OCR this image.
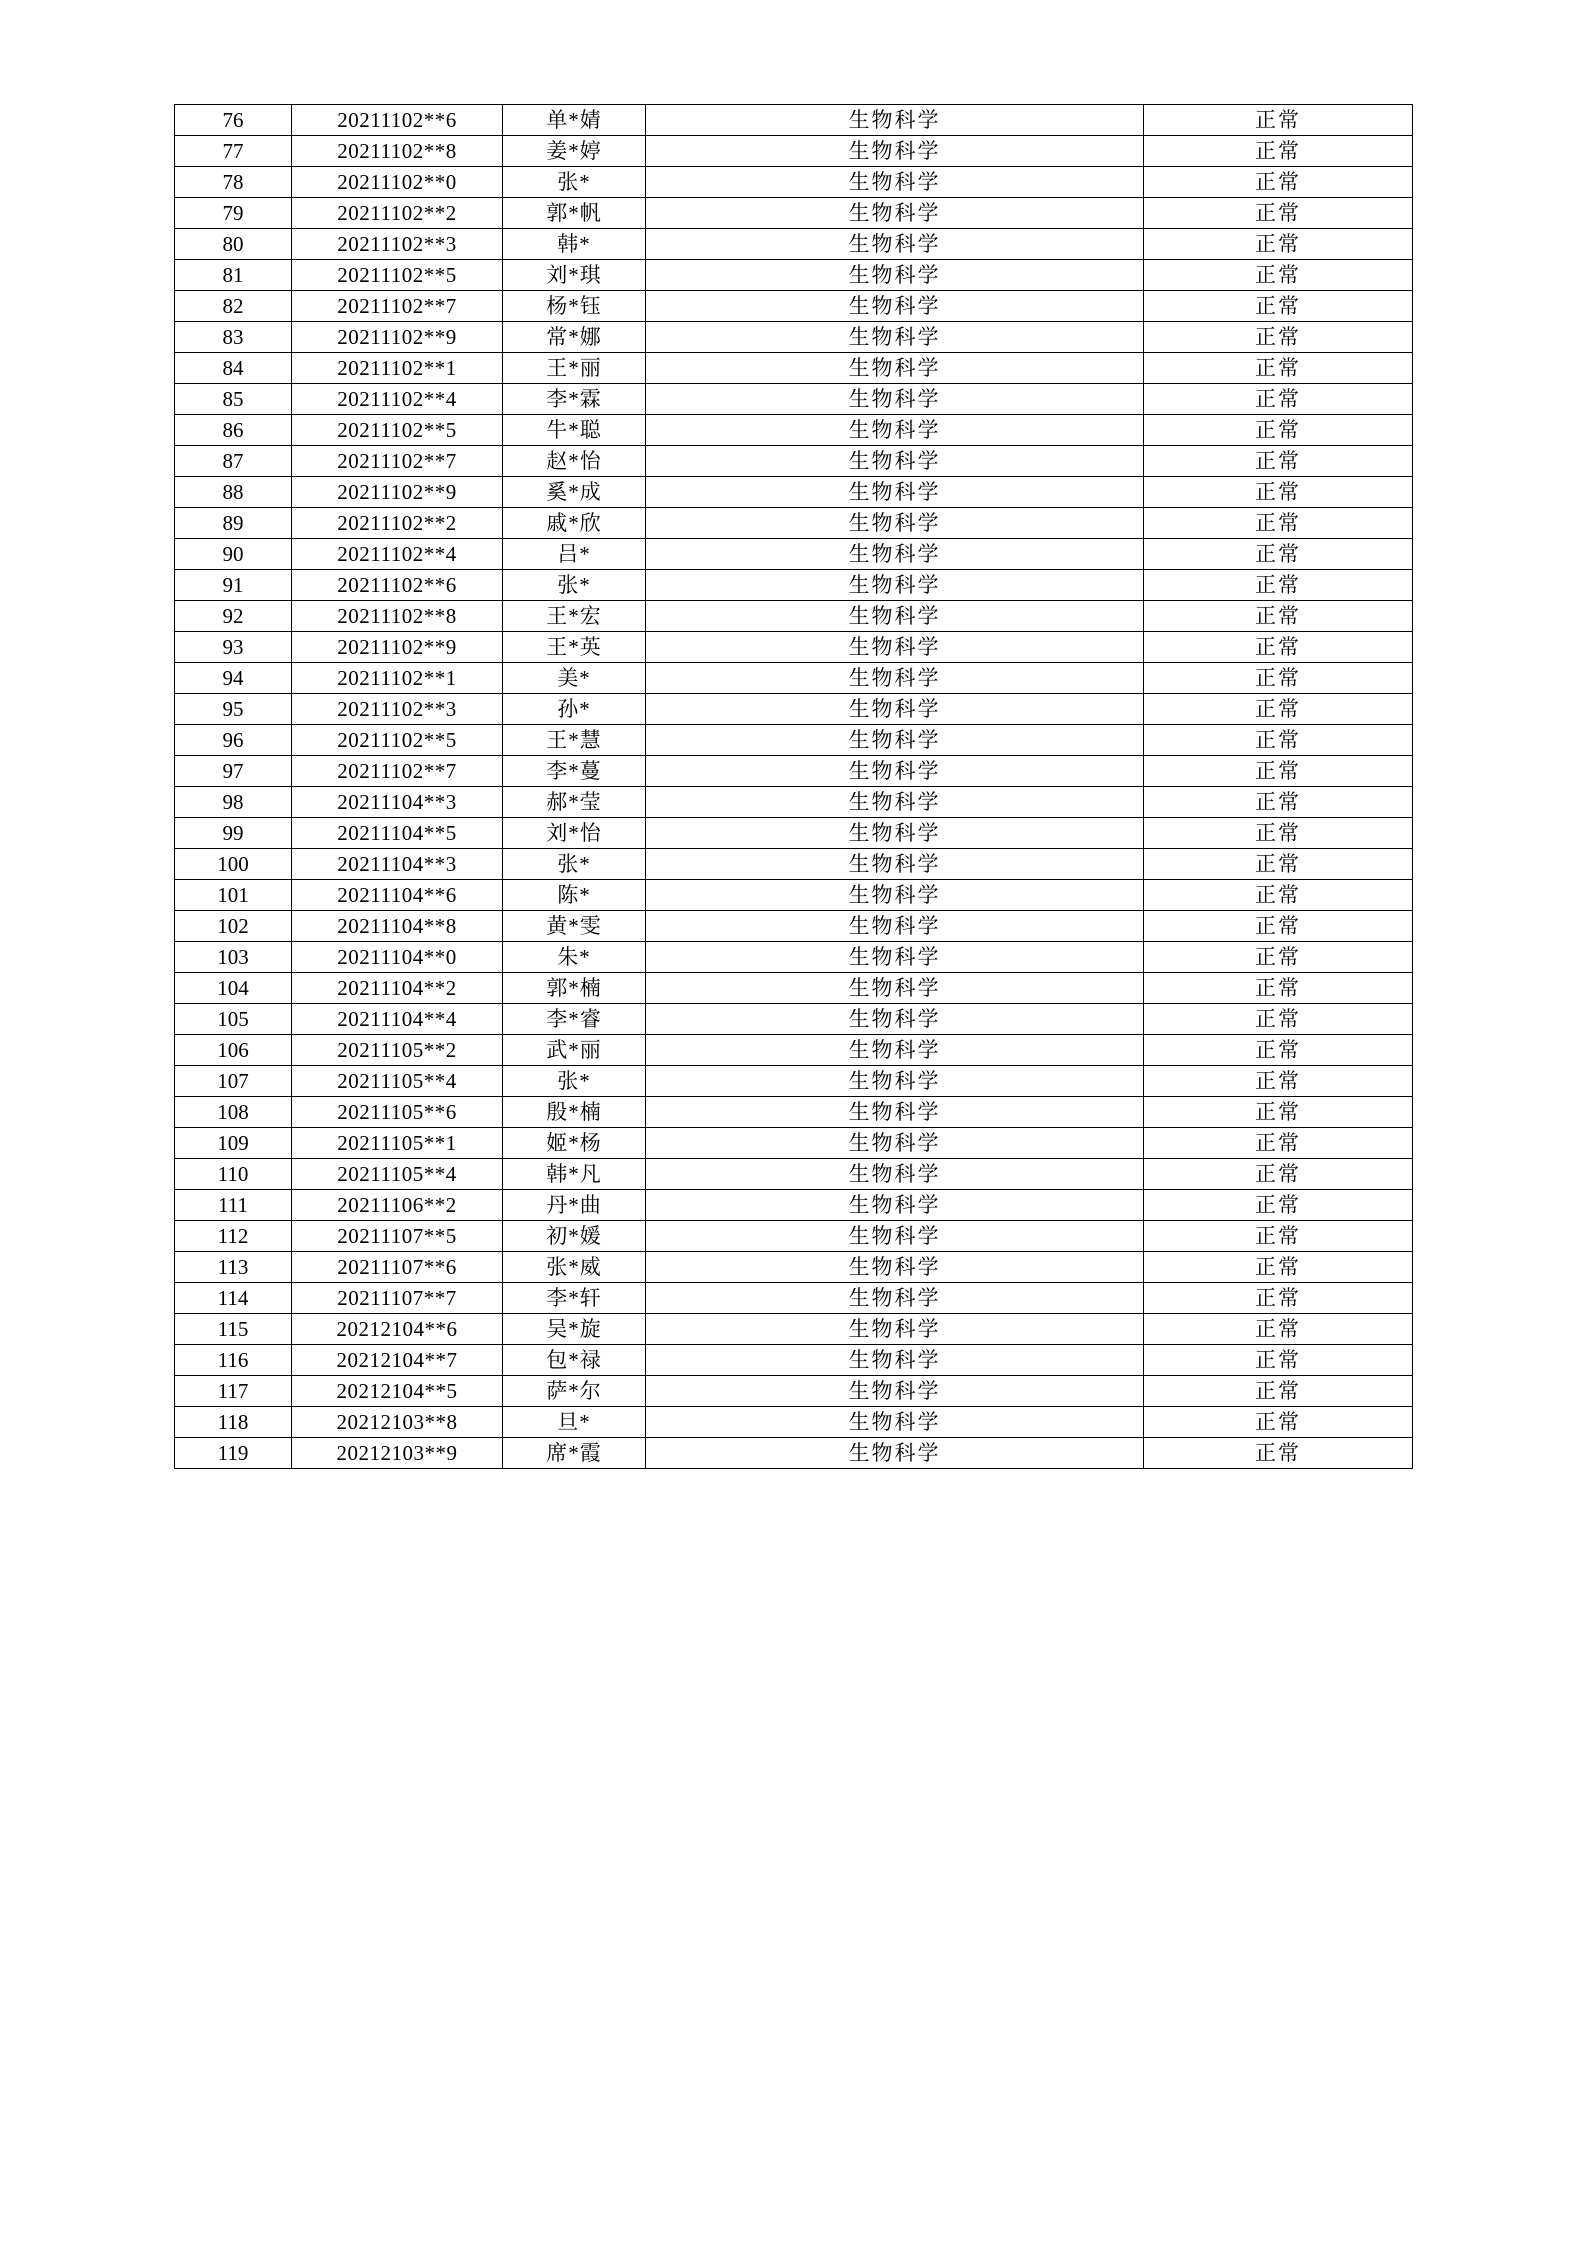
76	20211102**6	单*婧	生物科学	正常
77	20211102**8	姜*婷	生物科学	正常
78	20211102**0	张*	生物科学	正常
79	20211102**2	郭*帆	生物科学	正常
80	20211102**3	韩*	生物科学	正常
81	20211102**5	刘*琪	生物科学	正常
82	20211102**7	杨*钰	生物科学	正常
83	20211102**9	常*娜	生物科学	正常
84	20211102**1	王*丽	生物科学	正常
85	20211102**4	李*霖	生物科学	正常
86	20211102**5	牛*聪	生物科学	正常
87	20211102**7	赵*怡	生物科学	正常
88	20211102**9	奚*成	生物科学	正常
89	20211102**2	戚*欣	生物科学	正常
90	20211102**4	吕*	生物科学	正常
91	20211102**6	张*	生物科学	正常
92	20211102**8	王*宏	生物科学	正常
93	20211102**9	王*英	生物科学	正常
94	20211102**1	美*	生物科学	正常
95	20211102**3	孙*	生物科学	正常
96	20211102**5	王*慧	生物科学	正常
97	20211102**7	李*蔓	生物科学	正常
98	20211104**3	郝*莹	生物科学	正常
99	20211104**5	刘*怡	生物科学	正常
100	20211104**3	张*	生物科学	正常
101	20211104**6	陈*	生物科学	正常
102	20211104**8	黄*雯	生物科学	正常
103	20211104**0	朱*	生物科学	正常
104	20211104**2	郭*楠	生物科学	正常
105	20211104**4	李*睿	生物科学	正常
106	20211105**2	武*丽	生物科学	正常
107	20211105**4	张*	生物科学	正常
108	20211105**6	殷*楠	生物科学	正常
109	20211105**1	姬*杨	生物科学	正常
110	20211105**4	韩*凡	生物科学	正常
111	20211106**2	丹*曲	生物科学	正常
112	20211107**5	初*媛	生物科学	正常
113	20211107**6	张*威	生物科学	正常
114	20211107**7	李*轩	生物科学	正常
115	20212104**6	吴*旋	生物科学	正常
116	20212104**7	包*禄	生物科学	正常
117	20212104**5	萨*尔	生物科学	正常
118	20212103**8	旦*	生物科学	正常
119	20212103**9	席*霞	生物科学	正常
